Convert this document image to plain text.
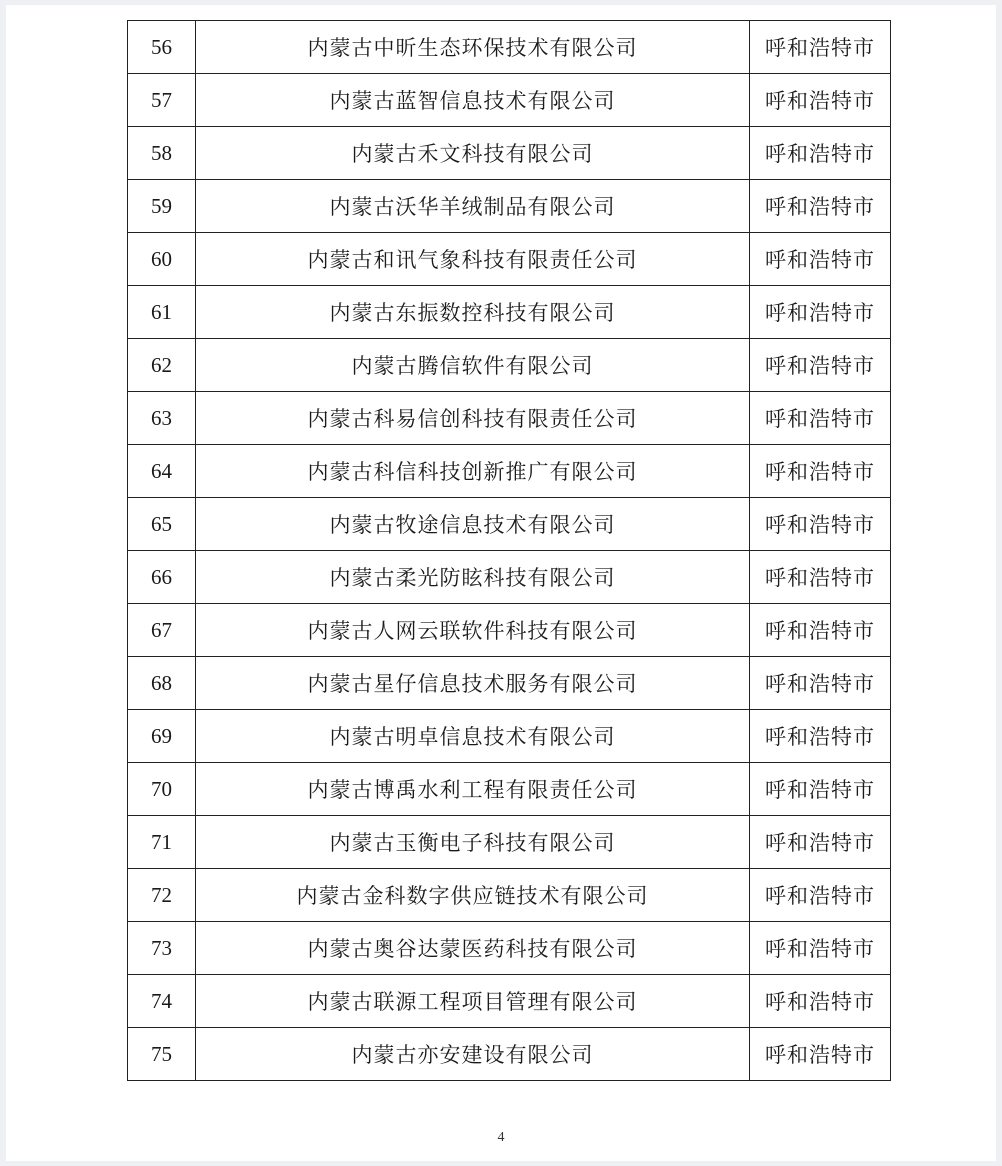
56	内蒙古中昕生态环保技术有限公司	呼和浩特市
57	内蒙古蓝智信息技术有限公司	呼和浩特市
58	内蒙古禾文科技有限公司	呼和浩特市
59	内蒙古沃华羊绒制品有限公司	呼和浩特市
60	内蒙古和讯气象科技有限责任公司	呼和浩特市
61	内蒙古东振数控科技有限公司	呼和浩特市
62	内蒙古腾信软件有限公司	呼和浩特市
63	内蒙古科易信创科技有限责任公司	呼和浩特市
64	内蒙古科信科技创新推广有限公司	呼和浩特市
65	内蒙古牧途信息技术有限公司	呼和浩特市
66	内蒙古柔光防眩科技有限公司	呼和浩特市
67	内蒙古人网云联软件科技有限公司	呼和浩特市
68	内蒙古星仔信息技术服务有限公司	呼和浩特市
69	内蒙古明卓信息技术有限公司	呼和浩特市
70	内蒙古博禹水利工程有限责任公司	呼和浩特市
71	内蒙古玉衡电子科技有限公司	呼和浩特市
72	内蒙古金科数字供应链技术有限公司	呼和浩特市
73	内蒙古奥谷达蒙医药科技有限公司	呼和浩特市
74	内蒙古联源工程项目管理有限公司	呼和浩特市
75	内蒙古亦安建设有限公司	呼和浩特市
4
